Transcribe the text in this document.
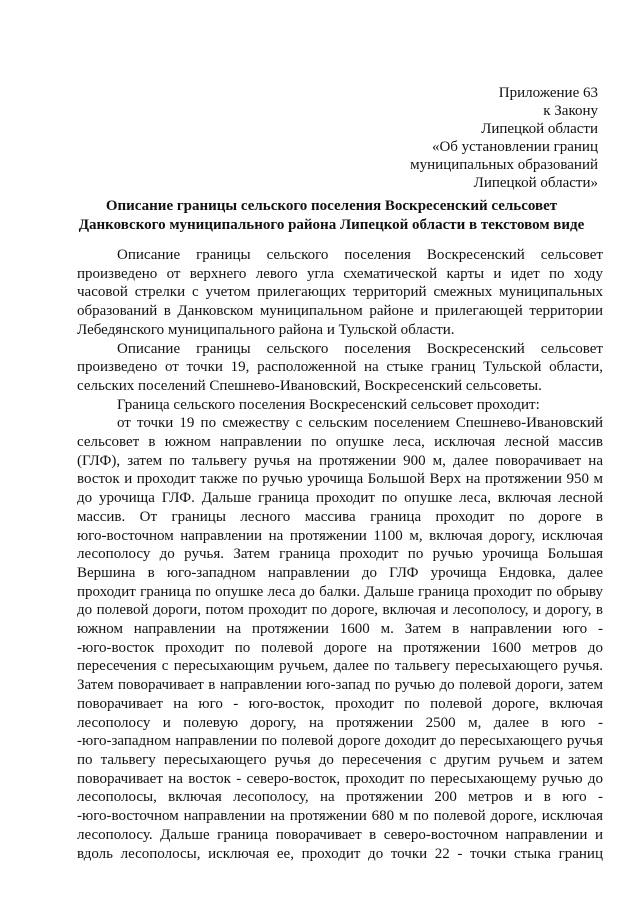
Приложение 63
к Закону
Липецкой области
«Об установлении границ
муниципальных образований
Липецкой области»
Описание границы сельского поселения Воскресенский сельсовет
Данковского муниципального района Липецкой области в текстовом виде
Описание границы сельского поселения Воскресенский сельсовет
произведено от верхнего левого угла схематической карты и идет по ходу
часовой стрелки с учетом прилегающих территорий смежных муниципальных
образований в Данковском муниципальном районе и прилегающей территории
Лебедянского муниципального района и Тульской области.
Описание границы сельского поселения Воскресенский сельсовет
произведено от точки 19, расположенной на стыке границ Тульской области,
сельских поселений Спешнево-Ивановский, Воскресенский сельсоветы.
Граница сельского поселения Воскресенский сельсовет проходит:
от точки 19 по смежеству с сельским поселением Спешнево-Ивановский
сельсовет в южном направлении по опушке леса, исключая лесной массив
(ГЛФ), затем по тальвегу ручья на протяжении 900 м, далее поворачивает на
восток и проходит также по ручью урочища Большой Верх на протяжении 950 м
до урочища ГЛФ. Дальше граница проходит по опушке леса, включая лесной
массив. От границы лесного массива граница проходит по дороге в
юго-восточном направлении на протяжении 1100 м, включая дорогу, исключая
лесополосу до ручья. Затем граница проходит по ручью урочища Большая
Вершина в юго-западном направлении до ГЛФ урочища Ендовка, далее
проходит граница по опушке леса до балки. Дальше граница проходит по обрыву
до полевой дороги, потом проходит по дороге, включая и лесополосу, и дорогу, в
южном направлении на протяжении 1600 м. Затем в направлении юго -
-юго-восток проходит по полевой дороге на протяжении 1600 метров до
пересечения с пересыхающим ручьем, далее по тальвегу пересыхающего ручья.
Затем поворачивает в направлении юго-запад по ручью до полевой дороги, затем
поворачивает на юго - юго-восток, проходит по полевой дороге, включая
лесополосу и полевую дорогу, на протяжении 2500 м, далее в юго -
-юго-западном направлении по полевой дороге доходит до пересыхающего ручья
по тальвегу пересыхающего ручья до пересечения с другим ручьем и затем
поворачивает на восток - северо-восток, проходит по пересыхающему ручью до
лесополосы, включая лесополосу, на протяжении 200 метров и в юго -
-юго-восточном направлении на протяжении 680 м по полевой дороге, исключая
лесополосу. Дальше граница поворачивает в северо-восточном направлении и
вдоль лесополосы, исключая ее, проходит до точки 22 - точки стыка границ
